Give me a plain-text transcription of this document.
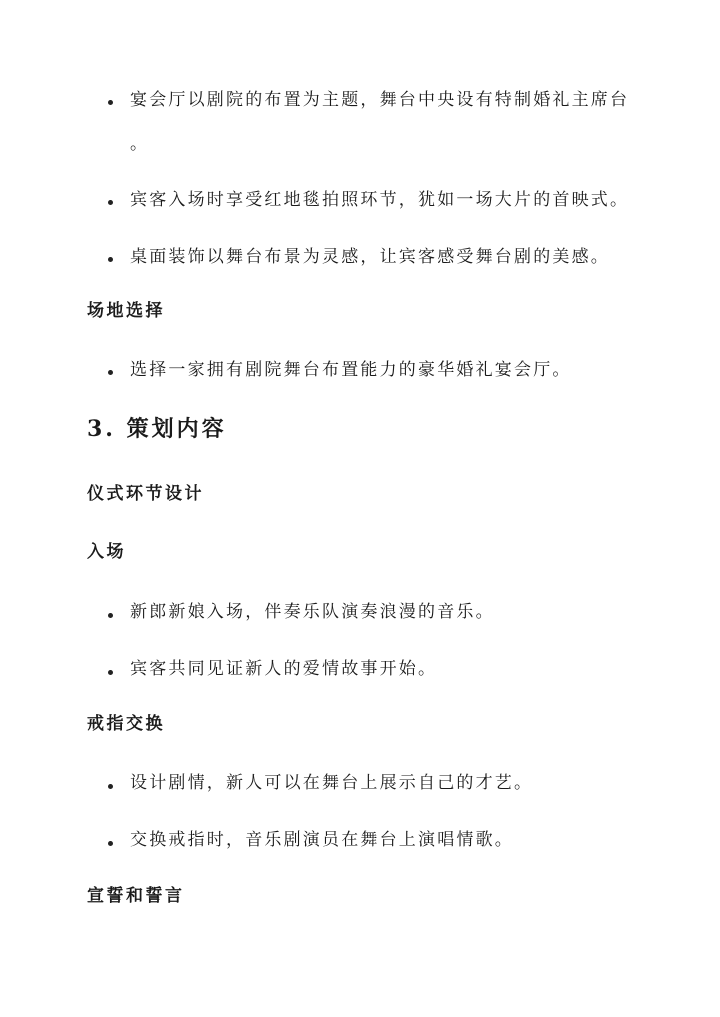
宴会厅以剧院的布置为主题，舞台中央设有特制婚礼主席台
。
宾客入场时享受红地毯拍照环节，犹如一场大片的首映式。
桌面装饰以舞台布景为灵感，让宾客感受舞台剧的美感。
场地选择
选择一家拥有剧院舞台布置能力的豪华婚礼宴会厅。
3. 策划内容
仪式环节设计
入场
新郎新娘入场，伴奏乐队演奏浪漫的音乐。
宾客共同见证新人的爱情故事开始。
戒指交换
设计剧情，新人可以在舞台上展示自己的才艺。
交换戒指时，音乐剧演员在舞台上演唱情歌。
宣誓和誓言
